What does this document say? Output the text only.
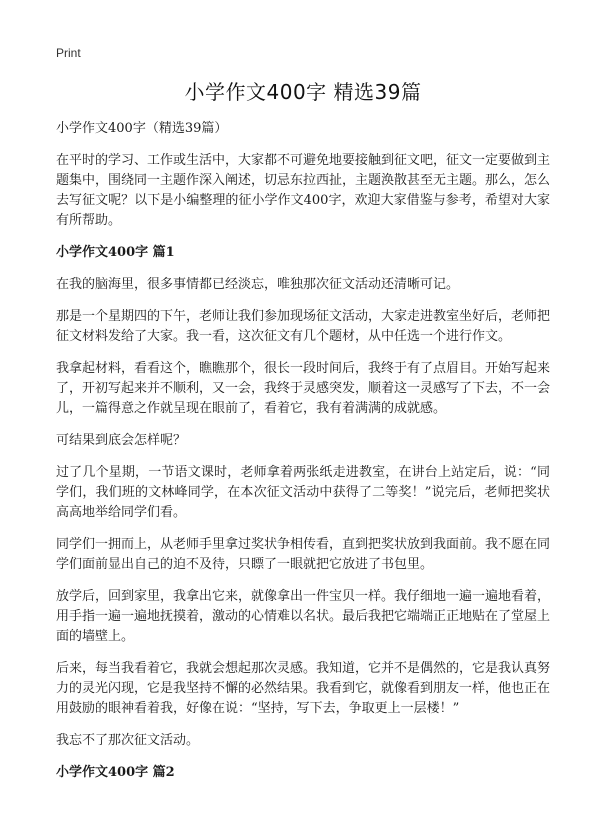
Print
小学作文400字 精选39篇

小学作文400字（精选39篇）

在平时的学习、工作或生活中，大家都不可避免地要接触到征文吧，征文一定要做到主题集中，围绕同一主题作深入阐述，切忌东拉西扯，主题涣散甚至无主题。那么，怎么去写征文呢？以下是小编整理的征小学作文400字，欢迎大家借鉴与参考，希望对大家有所帮助。

小学作文400字 篇1

在我的脑海里，很多事情都已经淡忘，唯独那次征文活动还清晰可记。

那是一个星期四的下午，老师让我们参加现场征文活动，大家走进教室坐好后，老师把征文材料发给了大家。我一看，这次征文有几个题材，从中任选一个进行作文。

我拿起材料，看看这个，瞧瞧那个，很长一段时间后，我终于有了点眉目。开始写起来了，开初写起来并不顺利，又一会，我终于灵感突发，顺着这一灵感写了下去，不一会儿，一篇得意之作就呈现在眼前了，看着它，我有着满满的成就感。

可结果到底会怎样呢？

过了几个星期，一节语文课时，老师拿着两张纸走进教室，在讲台上站定后，说：“同学们，我们班的文林峰同学，在本次征文活动中获得了二等奖！”说完后，老师把奖状高高地举给同学们看。

同学们一拥而上，从老师手里拿过奖状争相传看，直到把奖状放到我面前。我不愿在同学们面前显出自己的迫不及待，只瞟了一眼就把它放进了书包里。

放学后，回到家里，我拿出它来，就像拿出一件宝贝一样。我仔细地一遍一遍地看着，用手指一遍一遍地抚摸着，激动的心情难以名状。最后我把它端端正正地贴在了堂屋上面的墙壁上。

后来，每当我看着它，我就会想起那次灵感。我知道，它并不是偶然的，它是我认真努力的灵光闪现，它是我坚持不懈的必然结果。我看到它，就像看到朋友一样，他也正在用鼓励的眼神看着我，好像在说：“坚持，写下去，争取更上一层楼！”

我忘不了那次征文活动。

小学作文400字 篇2
